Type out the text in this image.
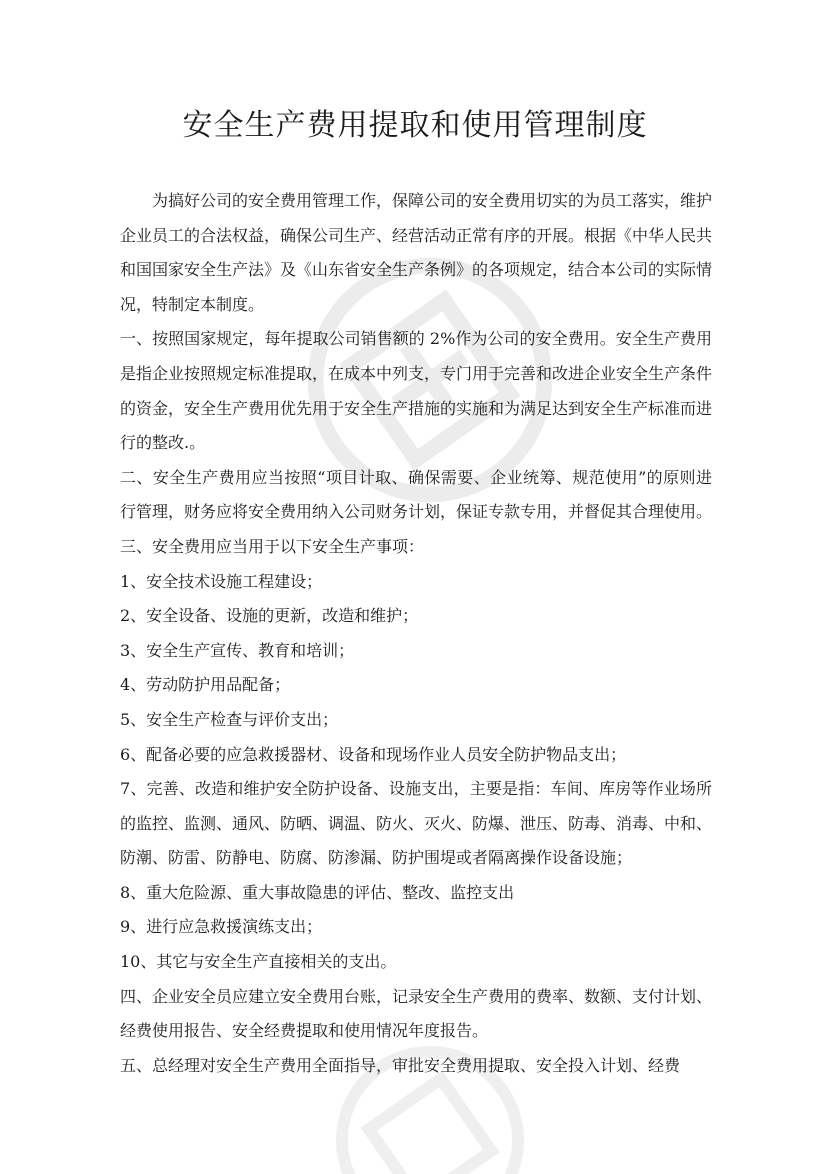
安全生产费用提取和使用管理制度

为搞好公司的安全费用管理工作，保障公司的安全费用切实的为员工落实，维护企业员工的合法权益，确保公司生产、经营活动正常有序的开展。根据《中华人民共和国国家安全生产法》及《山东省安全生产条例》的各项规定，结合本公司的实际情况，特制定本制度。

一、按照国家规定，每年提取公司销售额的 2%作为公司的安全费用。安全生产费用是指企业按照规定标准提取，在成本中列支，专门用于完善和改进企业安全生产条件的资金，安全生产费用优先用于安全生产措施的实施和为满足达到安全生产标准而进行的整改.。

二、安全生产费用应当按照“项目计取、确保需要、企业统筹、规范使用”的原则进行管理，财务应将安全费用纳入公司财务计划，保证专款专用，并督促其合理使用。

三、安全费用应当用于以下安全生产事项：

1、安全技术设施工程建设；

2、安全设备、设施的更新，改造和维护；

3、安全生产宣传、教育和培训；

4、劳动防护用品配备；

5、安全生产检查与评价支出；

6、配备必要的应急救援器材、设备和现场作业人员安全防护物品支出；

7、完善、改造和维护安全防护设备、设施支出，主要是指：车间、库房等作业场所的监控、监测、通风、防晒、调温、防火、灭火、防爆、泄压、防毒、消毒、中和、防潮、防雷、防静电、防腐、防渗漏、防护围堤或者隔离操作设备设施；

8、重大危险源、重大事故隐患的评估、整改、监控支出

9、进行应急救援演练支出；

10、其它与安全生产直接相关的支出。

四、企业安全员应建立安全费用台账，记录安全生产费用的费率、数额、支付计划、经费使用报告、安全经费提取和使用情况年度报告。

五、总经理对安全生产费用全面指导，审批安全费用提取、安全投入计划、经费
